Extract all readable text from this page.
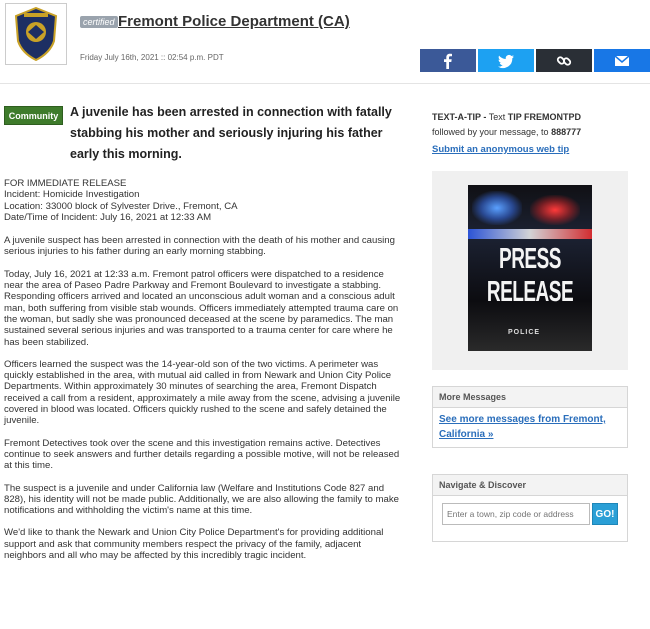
certified Fremont Police Department (CA)
Friday July 16th, 2021 :: 02:54 p.m. PDT
Community A juvenile has been arrested in connection with fatally stabbing his mother and seriously injuring his father early this morning.
FOR IMMEDIATE RELEASE
Incident: Homicide Investigation
Location: 33000 block of Sylvester Drive., Fremont, CA
Date/Time of Incident: July 16, 2021 at 12:33 AM

A juvenile suspect has been arrested in connection with the death of his mother and causing serious injuries to his father during an early morning stabbing.

Today, July 16, 2021 at 12:33 a.m. Fremont patrol officers were dispatched to a residence near the area of Paseo Padre Parkway and Fremont Boulevard to investigate a stabbing. Responding officers arrived and located an unconscious adult woman and a conscious adult man, both suffering from visible stab wounds. Officers immediately attempted trauma care on the woman, but sadly she was pronounced deceased at the scene by paramedics. The man sustained several serious injuries and was transported to a trauma center for care where he has been stabilized.

Officers learned the suspect was the 14-year-old son of the two victims. A perimeter was quickly established in the area, with mutual aid called in from Newark and Union City Police Departments. Within approximately 30 minutes of searching the area, Fremont Dispatch received a call from a resident, approximately a mile away from the scene, advising a juvenile covered in blood was located. Officers quickly rushed to the scene and safely detained the juvenile.

Fremont Detectives took over the scene and this investigation remains active. Detectives continue to seek answers and further details regarding a possible motive, will not be released at this time.

The suspect is a juvenile and under California law (Welfare and Institutions Code 827 and 828), his identity will not be made public. Additionally, we are also allowing the family to make notifications and withholding the victim's name at this time.

We'd like to thank the Newark and Union City Police Department's for providing additional support and ask that community members respect the privacy of the family, adjacent neighbors and all who may be affected by this incredibly tragic incident.

TEXT-A-TIP - Text TIP FREMONTPD
followed by your message, to 888777
Submit an anonymous web tip
PRESS RELEASE
POLICE
More Messages
See more messages from Fremont, California »
Navigate & Discover
Enter a town, zip code or address
GO!
